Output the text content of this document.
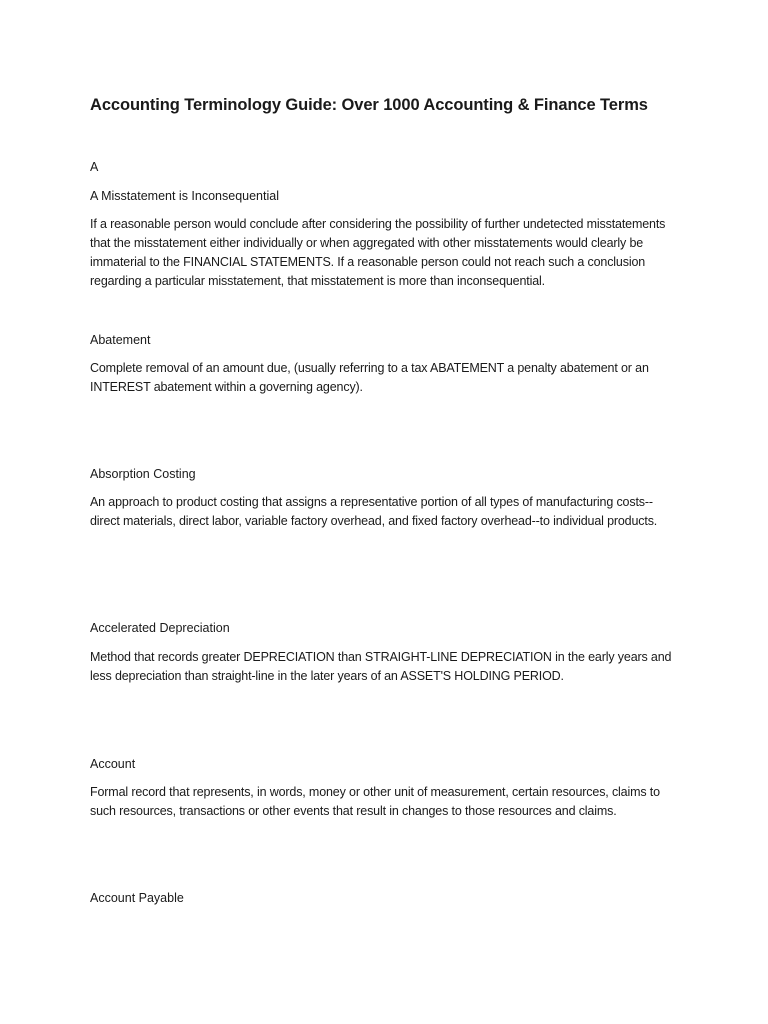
Accounting Terminology Guide: Over 1000 Accounting & Finance Terms
A
A Misstatement is Inconsequential
If a reasonable person would conclude after considering the possibility of further undetected misstatements that the misstatement either individually or when aggregated with other misstatements would clearly be immaterial to the FINANCIAL STATEMENTS. If a reasonable person could not reach such a conclusion regarding a particular misstatement, that misstatement is more than inconsequential.
Abatement
Complete removal of an amount due, (usually referring to a tax ABATEMENT a penalty abatement or an INTEREST abatement within a governing agency).
Absorption Costing
An approach to product costing that assigns a representative portion of all types of manufacturing costs--direct materials, direct labor, variable factory overhead, and fixed factory overhead--to individual products.
Accelerated Depreciation
Method that records greater DEPRECIATION than STRAIGHT-LINE DEPRECIATION in the early years and less depreciation than straight-line in the later years of an ASSET'S HOLDING PERIOD.
Account
Formal record that represents, in words, money or other unit of measurement, certain resources, claims to such resources, transactions or other events that result in changes to those resources and claims.
Account Payable
